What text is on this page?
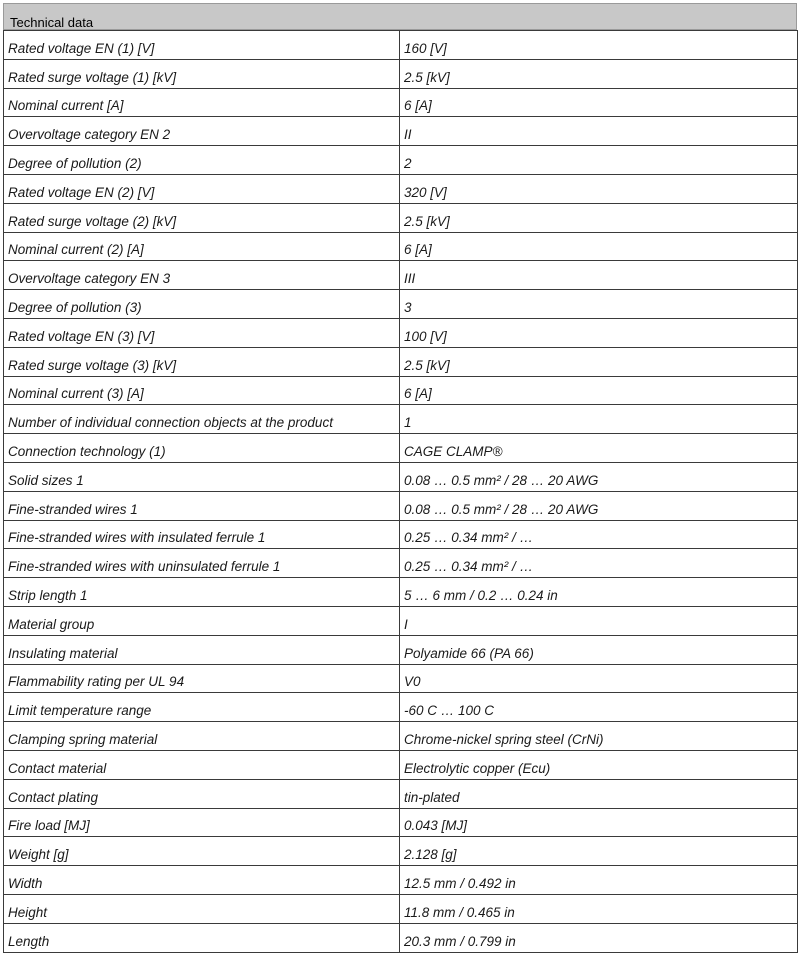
Technical data
Rated voltage EN (1) [V]	160 [V]
Rated surge voltage (1) [kV]	2.5 [kV]
Nominal current [A]	6 [A]
Overvoltage category EN 2	II
Degree of pollution (2)	2
Rated voltage EN (2) [V]	320 [V]
Rated surge voltage (2) [kV]	2.5 [kV]
Nominal current (2) [A]	6 [A]
Overvoltage category EN 3	III
Degree of pollution (3)	3
Rated voltage EN (3) [V]	100 [V]
Rated surge voltage (3) [kV]	2.5 [kV]
Nominal current (3) [A]	6 [A]
Number of individual connection objects at the product	1
Connection technology (1)	CAGE CLAMP®
Solid sizes 1	0.08 … 0.5 mm² / 28 … 20 AWG
Fine-stranded wires 1	0.08 … 0.5 mm² / 28 … 20 AWG
Fine-stranded wires with insulated ferrule 1	0.25 … 0.34 mm² / …
Fine-stranded wires with uninsulated ferrule 1	0.25 … 0.34 mm² / …
Strip length 1	5 … 6 mm / 0.2 … 0.24 in
Material group	I
Insulating material	Polyamide 66 (PA 66)
Flammability rating per UL 94	V0
Limit temperature range	-60 C … 100 C
Clamping spring material	Chrome-nickel spring steel (CrNi)
Contact material	Electrolytic copper (Ecu)
Contact plating	tin-plated
Fire load [MJ]	0.043 [MJ]
Weight [g]	2.128 [g]
Width	12.5 mm / 0.492 in
Height	11.8 mm / 0.465 in
Length	20.3 mm / 0.799 in
